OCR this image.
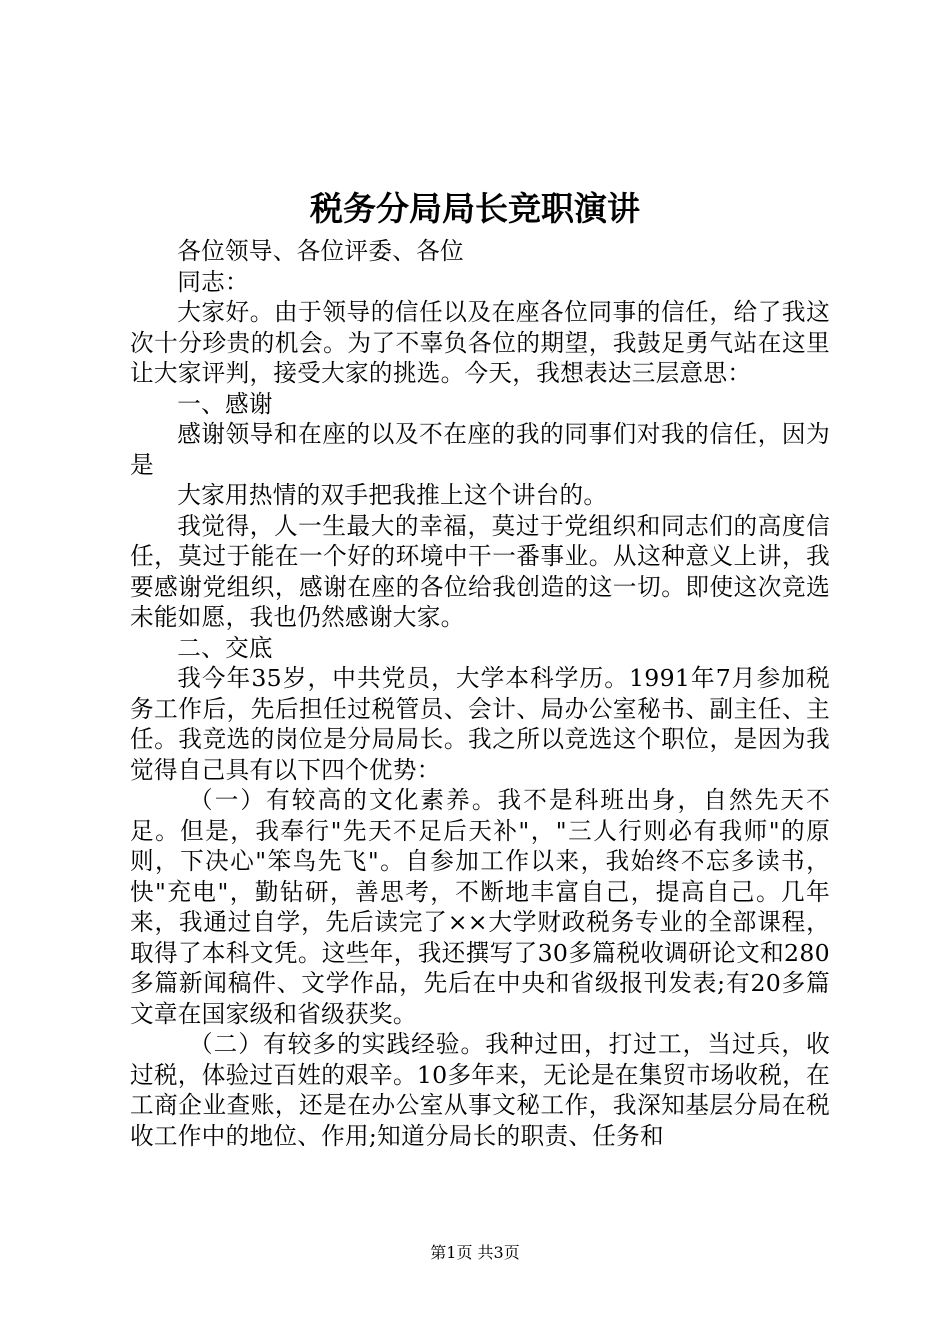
税务分局局长竞职演讲

各位领导、各位评委、各位

同志：

大家好。由于领导的信任以及在座各位同事的信任，给了我这次十分珍贵的机会。为了不辜负各位的期望，我鼓足勇气站在这里让大家评判，接受大家的挑选。今天，我想表达三层意思：

一、感谢

感谢领导和在座的以及不在座的我的同事们对我的信任，因为是

大家用热情的双手把我推上这个讲台的。

我觉得，人一生最大的幸福，莫过于党组织和同志们的高度信任，莫过于能在一个好的环境中干一番事业。从这种意义上讲，我要感谢党组织，感谢在座的各位给我创造的这一切。即使这次竞选未能如愿，我也仍然感谢大家。

二、交底

我今年35岁，中共党员，大学本科学历。1991年7月参加税务工作后，先后担任过税管员、会计、局办公室秘书、副主任、主任。我竞选的岗位是分局局长。我之所以竞选这个职位，是因为我觉得自己具有以下四个优势：

（一）有较高的文化素养。我不是科班出身，自然先天不足。但是，我奉行"先天不足后天补"，"三人行则必有我师"的原则，下决心"笨鸟先飞"。自参加工作以来，我始终不忘多读书，快"充电"，勤钻研，善思考，不断地丰富自己，提高自己。几年来，我通过自学，先后读完了××大学财政税务专业的全部课程，取得了本科文凭。这些年，我还撰写了30多篇税收调研论文和280多篇新闻稿件、文学作品，先后在中央和省级报刊发表;有20多篇文章在国家级和省级获奖。

（二）有较多的实践经验。我种过田，打过工，当过兵，收过税，体验过百姓的艰辛。10多年来，无论是在集贸市场收税，在工商企业查账，还是在办公室从事文秘工作，我深知基层分局在税收工作中的地位、作用;知道分局长的职责、任务和

第1页 共3页
